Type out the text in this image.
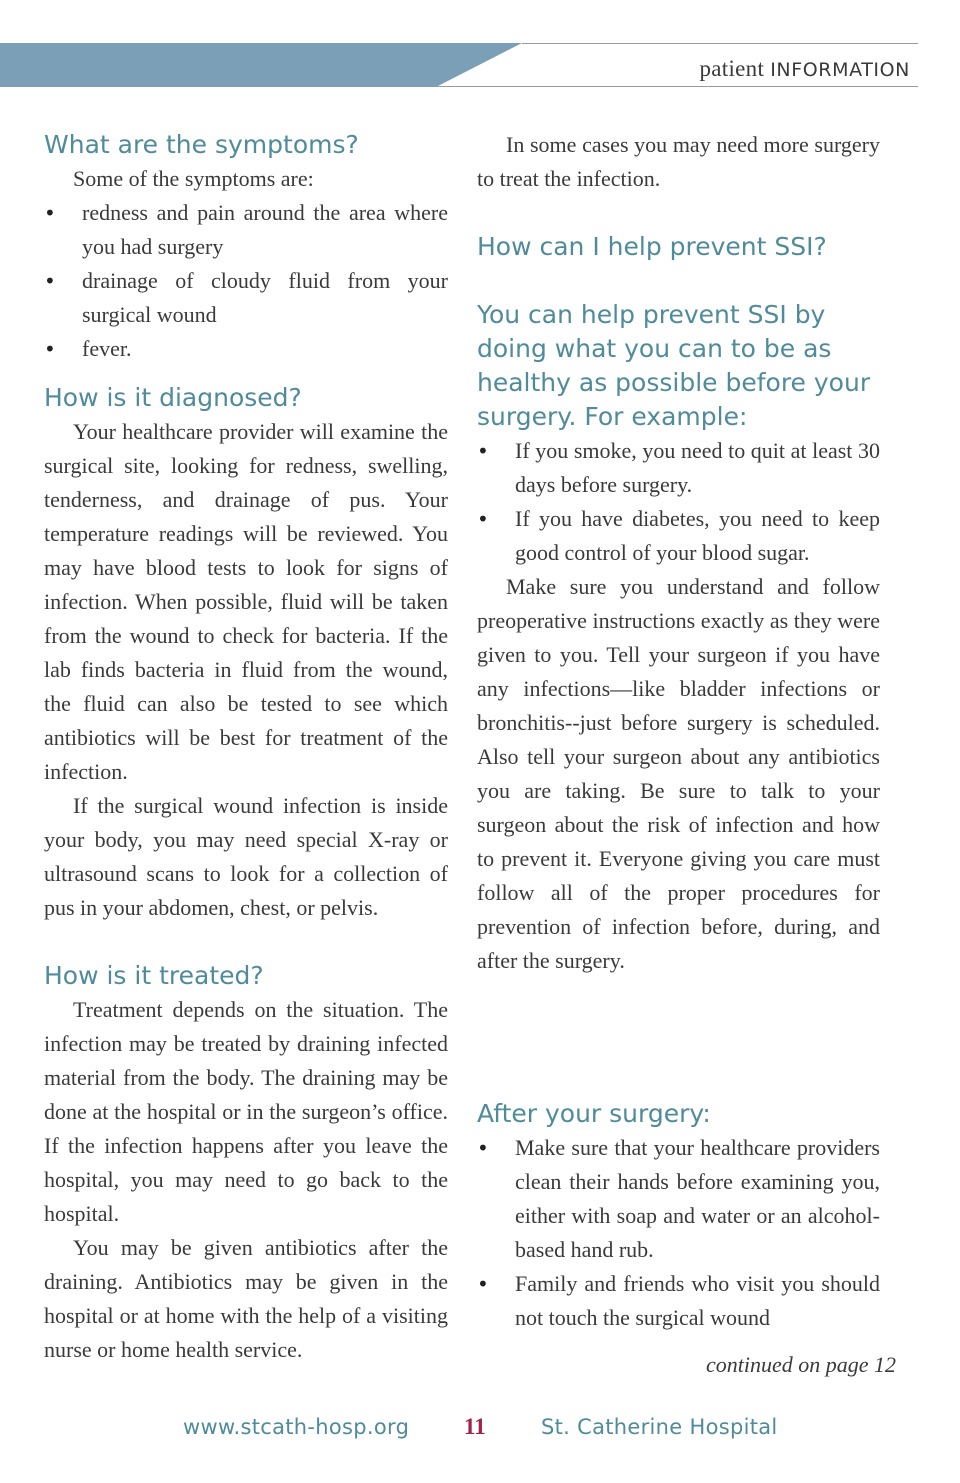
patient INFORMATION
What are the symptoms?

Some of the symptoms are:

• redness and pain around the area where you had surgery
• drainage of cloudy fluid from your surgical wound
• fever.
How is it diagnosed?

Your healthcare provider will examine the surgical site, looking for redness, swelling, tenderness, and drainage of pus. Your temperature readings will be reviewed. You may have blood tests to look for signs of infection. When possible, fluid will be taken from the wound to check for bacteria. If the lab finds bacteria in fluid from the wound, the fluid can also be tested to see which antibiotics will be best for treatment of the infection.

If the surgical wound infection is inside your body, you may need special X-ray or ultrasound scans to look for a collection of pus in your abdomen, chest, or pelvis.

How is it treated?

Treatment depends on the situation. The infection may be treated by draining infected material from the body. The draining may be done at the hospital or in the surgeon’s office. If the infection happens after you leave the hospital, you may need to go back to the hospital.

You may be given antibiotics after the draining. Antibiotics may be given in the hospital or at home with the help of a visiting nurse or home health service.

In some cases you may need more surgery to treat the infection.

How can I help prevent SSI?
You can help prevent SSI by doing what you can to be as healthy as possible before your surgery. For example:
• If you smoke, you need to quit at least 30 days before surgery.
• If you have diabetes, you need to keep good control of your blood sugar.

Make sure you understand and follow preoperative instructions exactly as they were given to you. Tell your surgeon if you have any infections—like bladder infections or bronchitis--just before surgery is scheduled. Also tell your surgeon about any antibiotics you are taking. Be sure to talk to your surgeon about the risk of infection and how to prevent it. Everyone giving you care must follow all of the proper procedures for prevention of infection before, during, and after the surgery.

After your surgery:
• Make sure that your healthcare providers clean their hands before examining you, either with soap and water or an alcohol-based hand rub.
• Family and friends who visit you should not touch the surgical wound
continued on page 12
www.stcath-hosp.org 11	St. Catherine Hospital
